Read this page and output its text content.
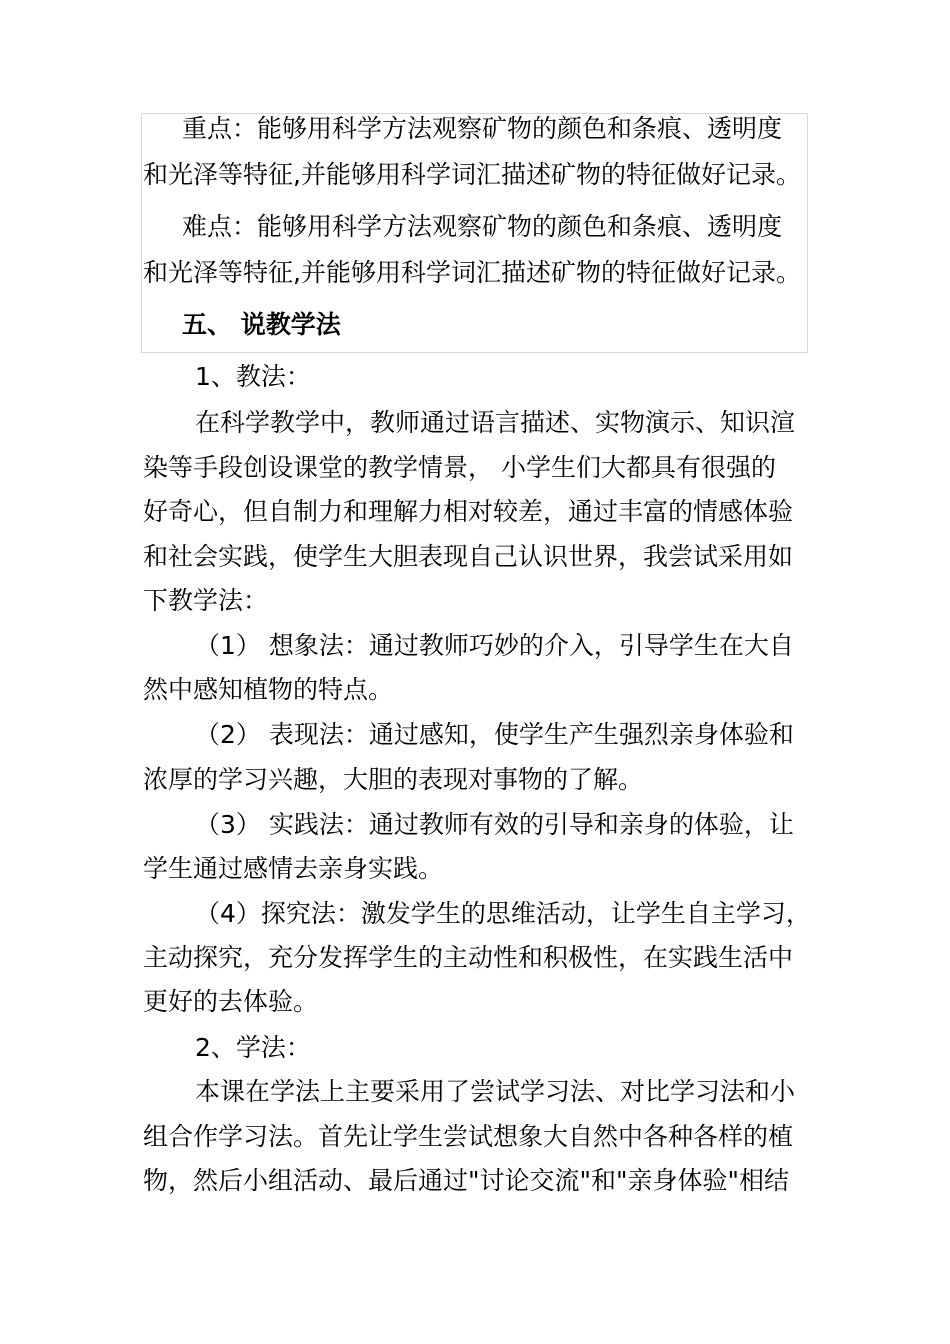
重点：能够用科学方法观察矿物的颜色和条痕、透明度
和光泽等特征,并能够用科学词汇描述矿物的特征做好记录。
难点：能够用科学方法观察矿物的颜色和条痕、透明度
和光泽等特征,并能够用科学词汇描述矿物的特征做好记录。
五、 说教学法
1、教法：
在科学教学中，教师通过语言描述、实物演示、知识渲
染等手段创设课堂的教学情景， 小学生们大都具有很强的
好奇心，但自制力和理解力相对较差，通过丰富的情感体验
和社会实践，使学生大胆表现自己认识世界，我尝试采用如
下教学法：
（1） 想象法：通过教师巧妙的介入，引导学生在大自
然中感知植物的特点。
（2） 表现法：通过感知，使学生产生强烈亲身体验和
浓厚的学习兴趣，大胆的表现对事物的了解。
（3） 实践法：通过教师有效的引导和亲身的体验，让
学生通过感情去亲身实践。
（4）探究法：激发学生的思维活动，让学生自主学习，
主动探究，充分发挥学生的主动性和积极性，在实践生活中
更好的去体验。
2、学法：
本课在学法上主要采用了尝试学习法、对比学习法和小
组合作学习法。首先让学生尝试想象大自然中各种各样的植
物，然后小组活动、最后通过"讨论交流"和"亲身体验"相结
